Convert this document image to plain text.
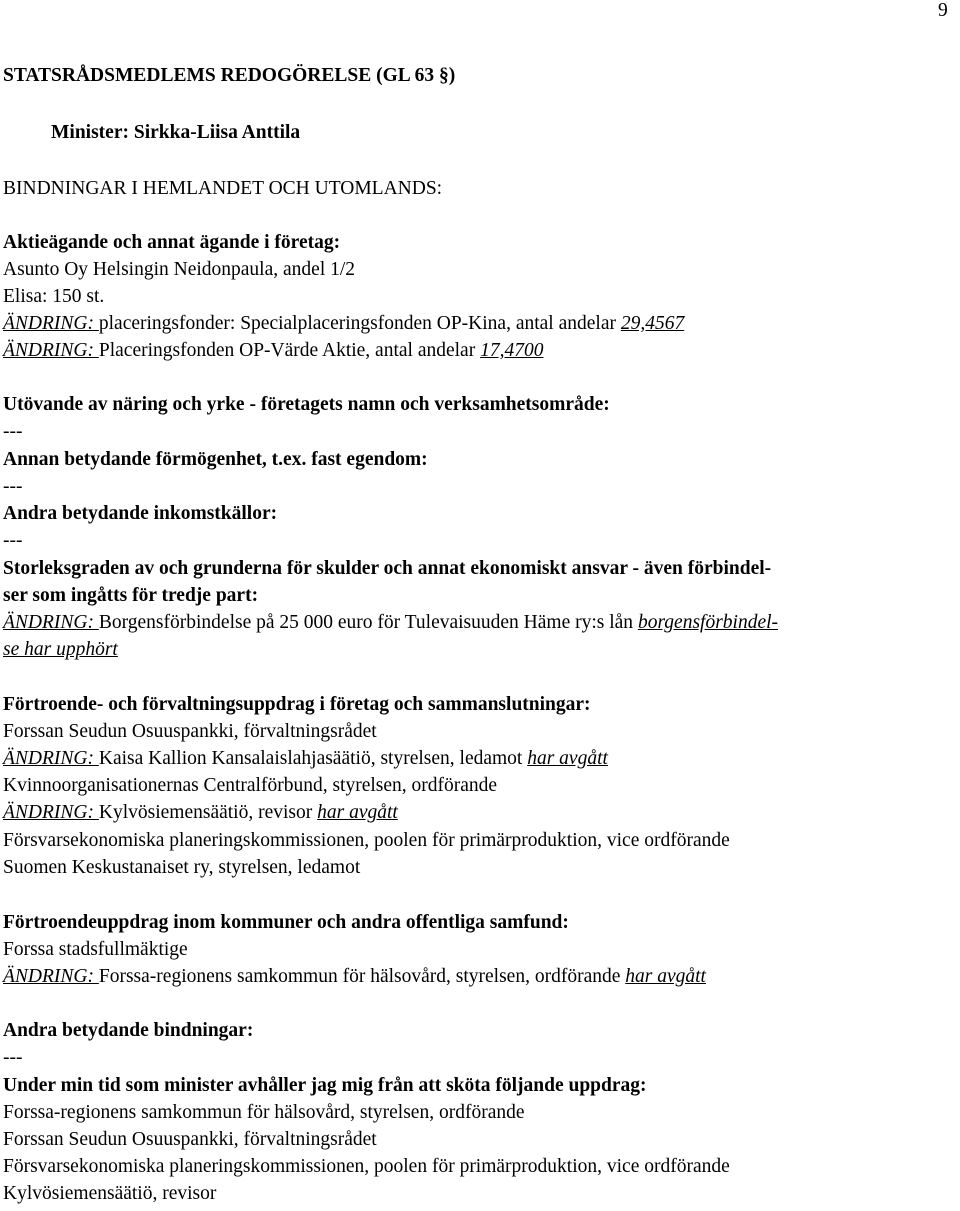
9
STATSRÅDSMEDLEMS REDOGÖRELSE (GL 63 §)
Minister: Sirkka-Liisa Anttila
BINDNINGAR I HEMLANDET OCH UTOMLANDS:
Aktieägande och annat ägande i företag:
Asunto Oy Helsingin Neidonpaula, andel 1/2
Elisa: 150 st.
ÄNDRING: placeringsfonder: Specialplaceringsfonden OP-Kina, antal andelar 29,4567
ÄNDRING: Placeringsfonden OP-Värde Aktie, antal andelar 17,4700
Utövande av näring och yrke - företagets namn och verksamhetsområde:
---
Annan betydande förmögenhet, t.ex. fast egendom:
---
Andra betydande inkomstkällor:
---
Storleksgraden av och grunderna för skulder och annat ekonomiskt ansvar - även förbindel-
ser som ingåtts för tredje part:
ÄNDRING: Borgensförbindelse på 25 000 euro för Tulevaisuuden Häme ry:s lån borgensförbindel-
se har upphört
Förtroende- och förvaltningsuppdrag i företag och sammanslutningar:
Forssan Seudun Osuuspankki, förvaltningsrådet
ÄNDRING: Kaisa Kallion Kansalaislahjasäätiö, styrelsen, ledamot har avgått
Kvinnoorganisationernas Centralförbund, styrelsen, ordförande
ÄNDRING: Kylvösiemensäätiö, revisor har avgått
Försvarsekonomiska planeringskommissionen, poolen för primärproduktion, vice ordförande
Suomen Keskustanaiset ry, styrelsen, ledamot
Förtroendeuppdrag inom kommuner och andra offentliga samfund:
Forssa stadsfullmäktige
ÄNDRING: Forssa-regionens samkommun för hälsovård, styrelsen, ordförande har avgått
Andra betydande bindningar:
---
Under min tid som minister avhåller jag mig från att sköta följande uppdrag:
Forssa-regionens samkommun för hälsovård, styrelsen, ordförande
Forssan Seudun Osuuspankki, förvaltningsrådet
Försvarsekonomiska planeringskommissionen, poolen för primärproduktion, vice ordförande
Kylvösiemensäätiö, revisor
